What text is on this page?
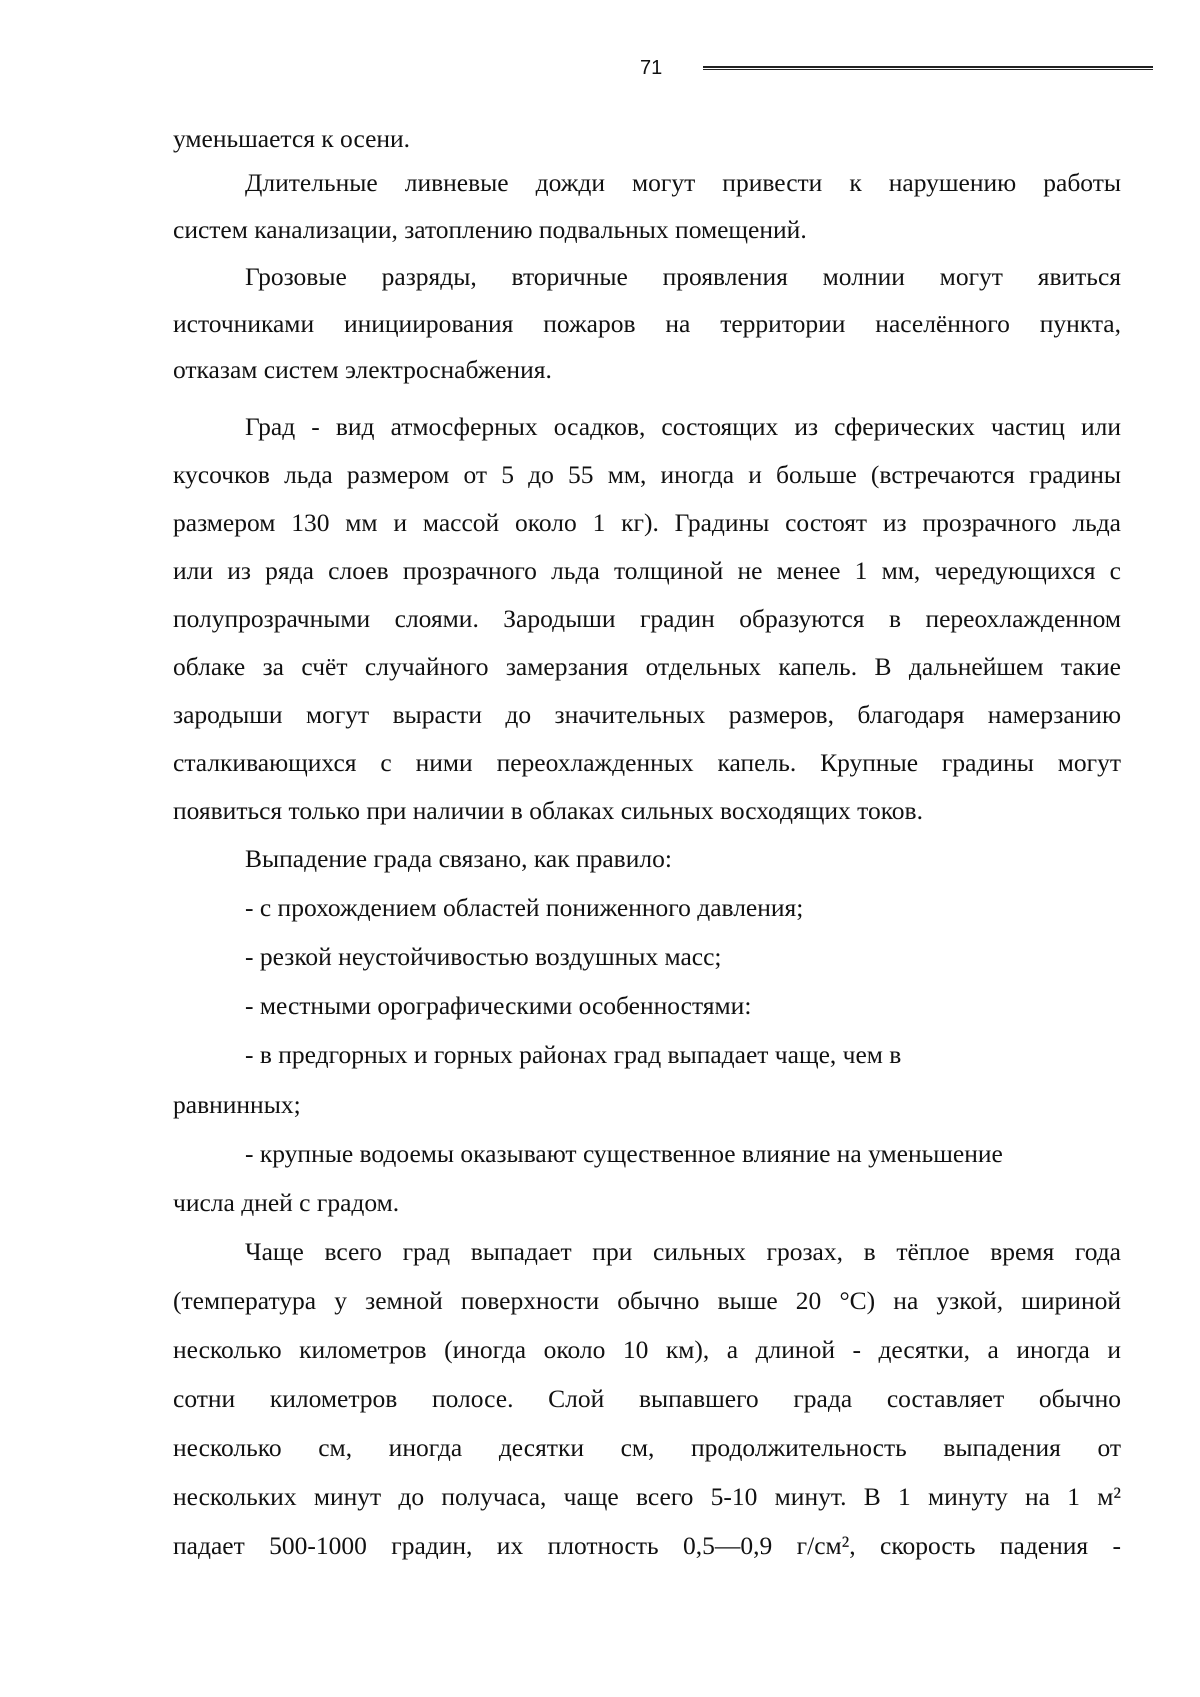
71
уменьшается к осени.
Длительные ливневые дожди могут привести к нарушению работы
систем канализации, затоплению подвальных помещений.
Грозовые разряды, вторичные проявления молнии могут явиться
источниками инициирования пожаров на территории населённого пункта,
отказам систем электроснабжения.
Град - вид атмосферных осадков, состоящих из сферических частиц или
кусочков льда размером от 5 до 55 мм, иногда и больше (встречаются градины
размером 130 мм и массой около 1 кг). Градины состоят из прозрачного льда
или из ряда слоев прозрачного льда толщиной не менее 1 мм, чередующихся с
полупрозрачными слоями. Зародыши градин образуются в переохлажденном
облаке за счёт случайного замерзания отдельных капель. В дальнейшем такие
зародыши могут вырасти до значительных размеров, благодаря намерзанию
сталкивающихся с ними переохлажденных капель. Крупные градины могут
появиться только при наличии в облаках сильных восходящих токов.
Выпадение града связано, как правило:
- с прохождением областей пониженного давления;
- резкой неустойчивостью воздушных масс;
- местными орографическими особенностями:
- в предгорных и горных районах град выпадает чаще, чем в
равнинных;
- крупные водоемы оказывают существенное влияние на уменьшение
числа дней с градом.
Чаще всего град выпадает при сильных грозах, в тёплое время года
(температура у земной поверхности обычно выше 20 °С) на узкой, шириной
несколько километров (иногда около 10 км), а длиной - десятки, а иногда и
сотни километров полосе. Слой выпавшего града составляет обычно
несколько см, иногда десятки см, продолжительность выпадения от
нескольких минут до получаса, чаще всего 5-10 минут. В 1 минуту на 1 м²
падает 500-1000 градин, их плотность 0,5—0,9 г/см², скорость падения -
